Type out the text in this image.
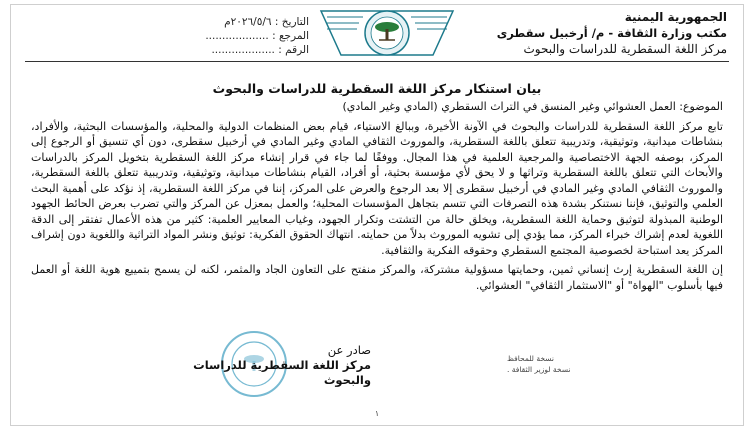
الجمهورية اليمنية
مكتب وزارة الثقافة - م/ أرخبيل سقطرى
مركز اللغة السقطرية للدراسات والبحوث
التاريخ : ٢٠٢٦/٥/٦م
المرجع : ...................
الرقم : ...................
بيان استنكار مركز اللغة السقطرية للدراسات والبحوث

الموضوع: العمل العشوائي وغير المنسق في التراث السقطري (المادي وغير المادي)

تابع مركز اللغة السقطرية للدراسات والبحوث في الآونة الأخيرة، وببالغ الاستياء، قيام بعض المنظمات الدولية والمحلية، والمؤسسات البحثية، والأفراد، بنشاطات ميدانية، وتوثيقية، وتدريبية تتعلق باللغة السقطرية، والموروث الثقافي المادي وغير المادي في أرخبيل سقطرى، دون أي تنسيق أو الرجوع إلى المركز، بوصفه الجهة الاختصاصية والمرجعية العلمية في هذا المجال. ووفقًا لما جاء في قرار إنشاء مركز اللغة السقطرية بتخويل المركز بالدراسات والأبحاث التي تتعلق باللغة السقطرية وتراثها و لا يحق لأي مؤسسة بحثية، أو أفراد، القيام بنشاطات ميدانية، وتوثيقية، وتدريبية تتعلق باللغة السقطرية، والموروث الثقافي المادي وغير المادي في أرخبيل سقطرى إلا بعد الرجوع والعرض على المركز، إننا في مركز اللغة السقطرية، إذ نؤكد على أهمية البحث العلمي والتوثيق، فإننا نستنكر بشدة هذه التصرفات التي تتسم بتجاهل المؤسسات المحلية؛ والعمل بمعزل عن المركز والتي تضرب بعرض الحائط الجهود الوطنية المبذولة لتوثيق وحماية اللغة السقطرية، ويخلق حالة من التشتت وتكرار الجهود، وغياب المعايير العلمية: كثير من هذه الأعمال تفتقر إلى الدقة اللغوية لعدم إشراك خبراء المركز، مما يؤدي إلى تشويه الموروث بدلاً من حمايته. انتهاك الحقوق الفكرية: توثيق ونشر المواد التراثية واللغوية دون إشراف المركز يعد استباحة لخصوصية المجتمع السقطري وحقوقه الفكرية والثقافية.

إن اللغة السقطرية إرث إنساني ثمين، وحمايتها مسؤولية مشتركة، والمركز منفتح على التعاون الجاد والمثمر، لكنه لن يسمح بتمييع هوية اللغة أو العمل فيها بأسلوب "الهواة" أو "الاستثمار الثقافي" العشوائي.

صادر عن
مركز اللغة السقطرية للدراسات والبحوث
نسخة للمحافظ
نسخة لوزير الثقافة .
١
